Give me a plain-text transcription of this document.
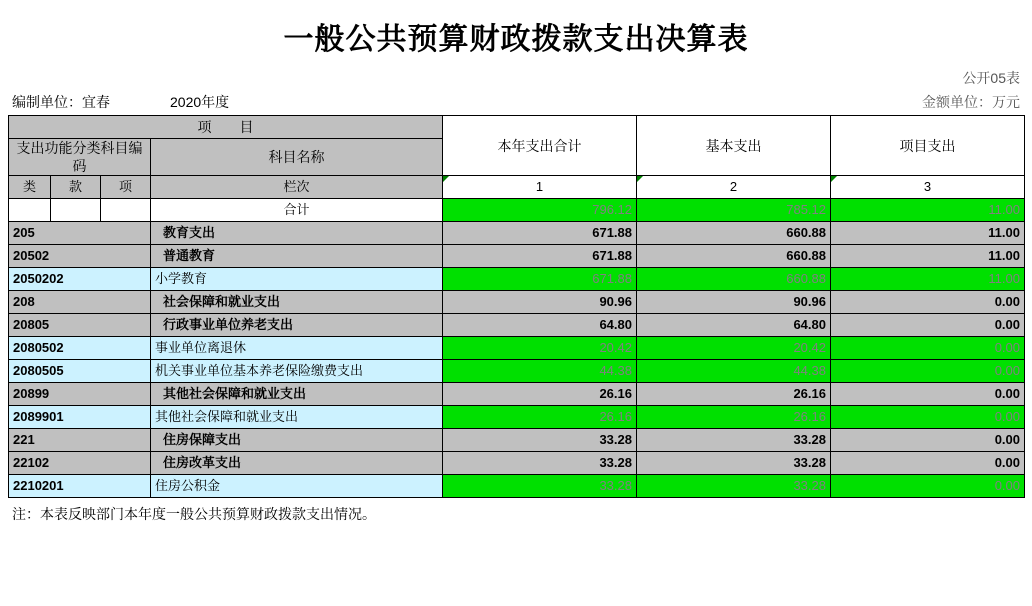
一般公共预算财政拨款支出决算表
公开05表
编制单位：宜春	2020年度	金额单位：万元
项　　目				本年支出合计	基本支出	项目支出
支出功能分类科目编码			科目名称			

类	款	项	栏次	1	2	3
			合计	796.12	785.12	11.00
205			教育支出	671.88	660.88	11.00
20502			普通教育	671.88	660.88	11.00
2050202			小学教育	671.88	660.88	11.00
208			社会保障和就业支出	90.96	90.96	0.00
20805			行政事业单位养老支出	64.80	64.80	0.00
2080502			事业单位离退休	20.42	20.42	0.00
2080505			机关事业单位基本养老保险缴费支出	44.38	44.38	0.00
20899			其他社会保障和就业支出	26.16	26.16	0.00
2089901			其他社会保障和就业支出	26.16	26.16	0.00
221			住房保障支出	33.28	33.28	0.00
22102			住房改革支出	33.28	33.28	0.00
2210201			住房公积金	33.28	33.28	0.00
注：本表反映部门本年度一般公共预算财政拨款支出情况。
